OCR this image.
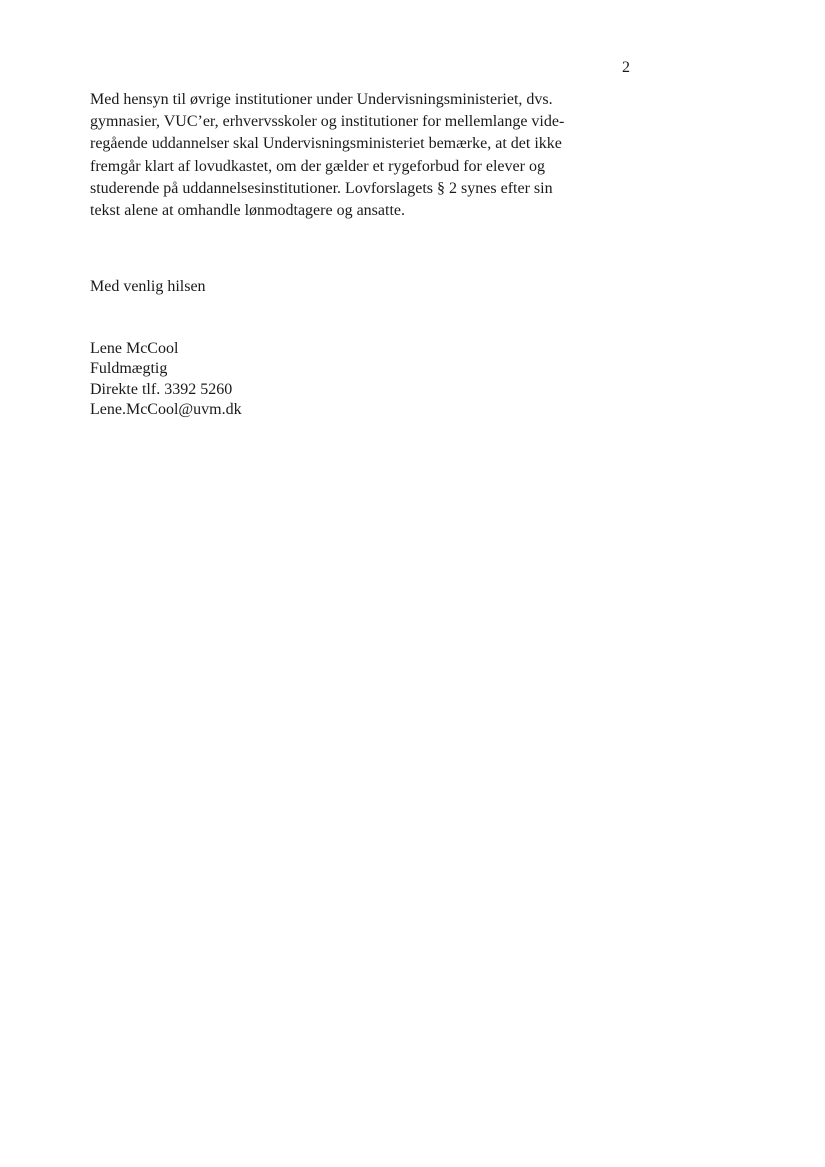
2
Med hensyn til øvrige institutioner under Undervisningsministeriet, dvs.
gymnasier, VUC’er, erhvervsskoler og institutioner for mellemlange vide-
regående uddannelser skal Undervisningsministeriet bemærke, at det ikke
fremgår klart af lovudkastet, om der gælder et rygeforbud for elever og
studerende på uddannelsesinstitutioner. Lovforslagets § 2 synes efter sin
tekst alene at omhandle lønmodtagere og ansatte.
Med venlig hilsen
Lene McCool
Fuldmægtig
Direkte tlf. 3392 5260
Lene.McCool@uvm.dk
